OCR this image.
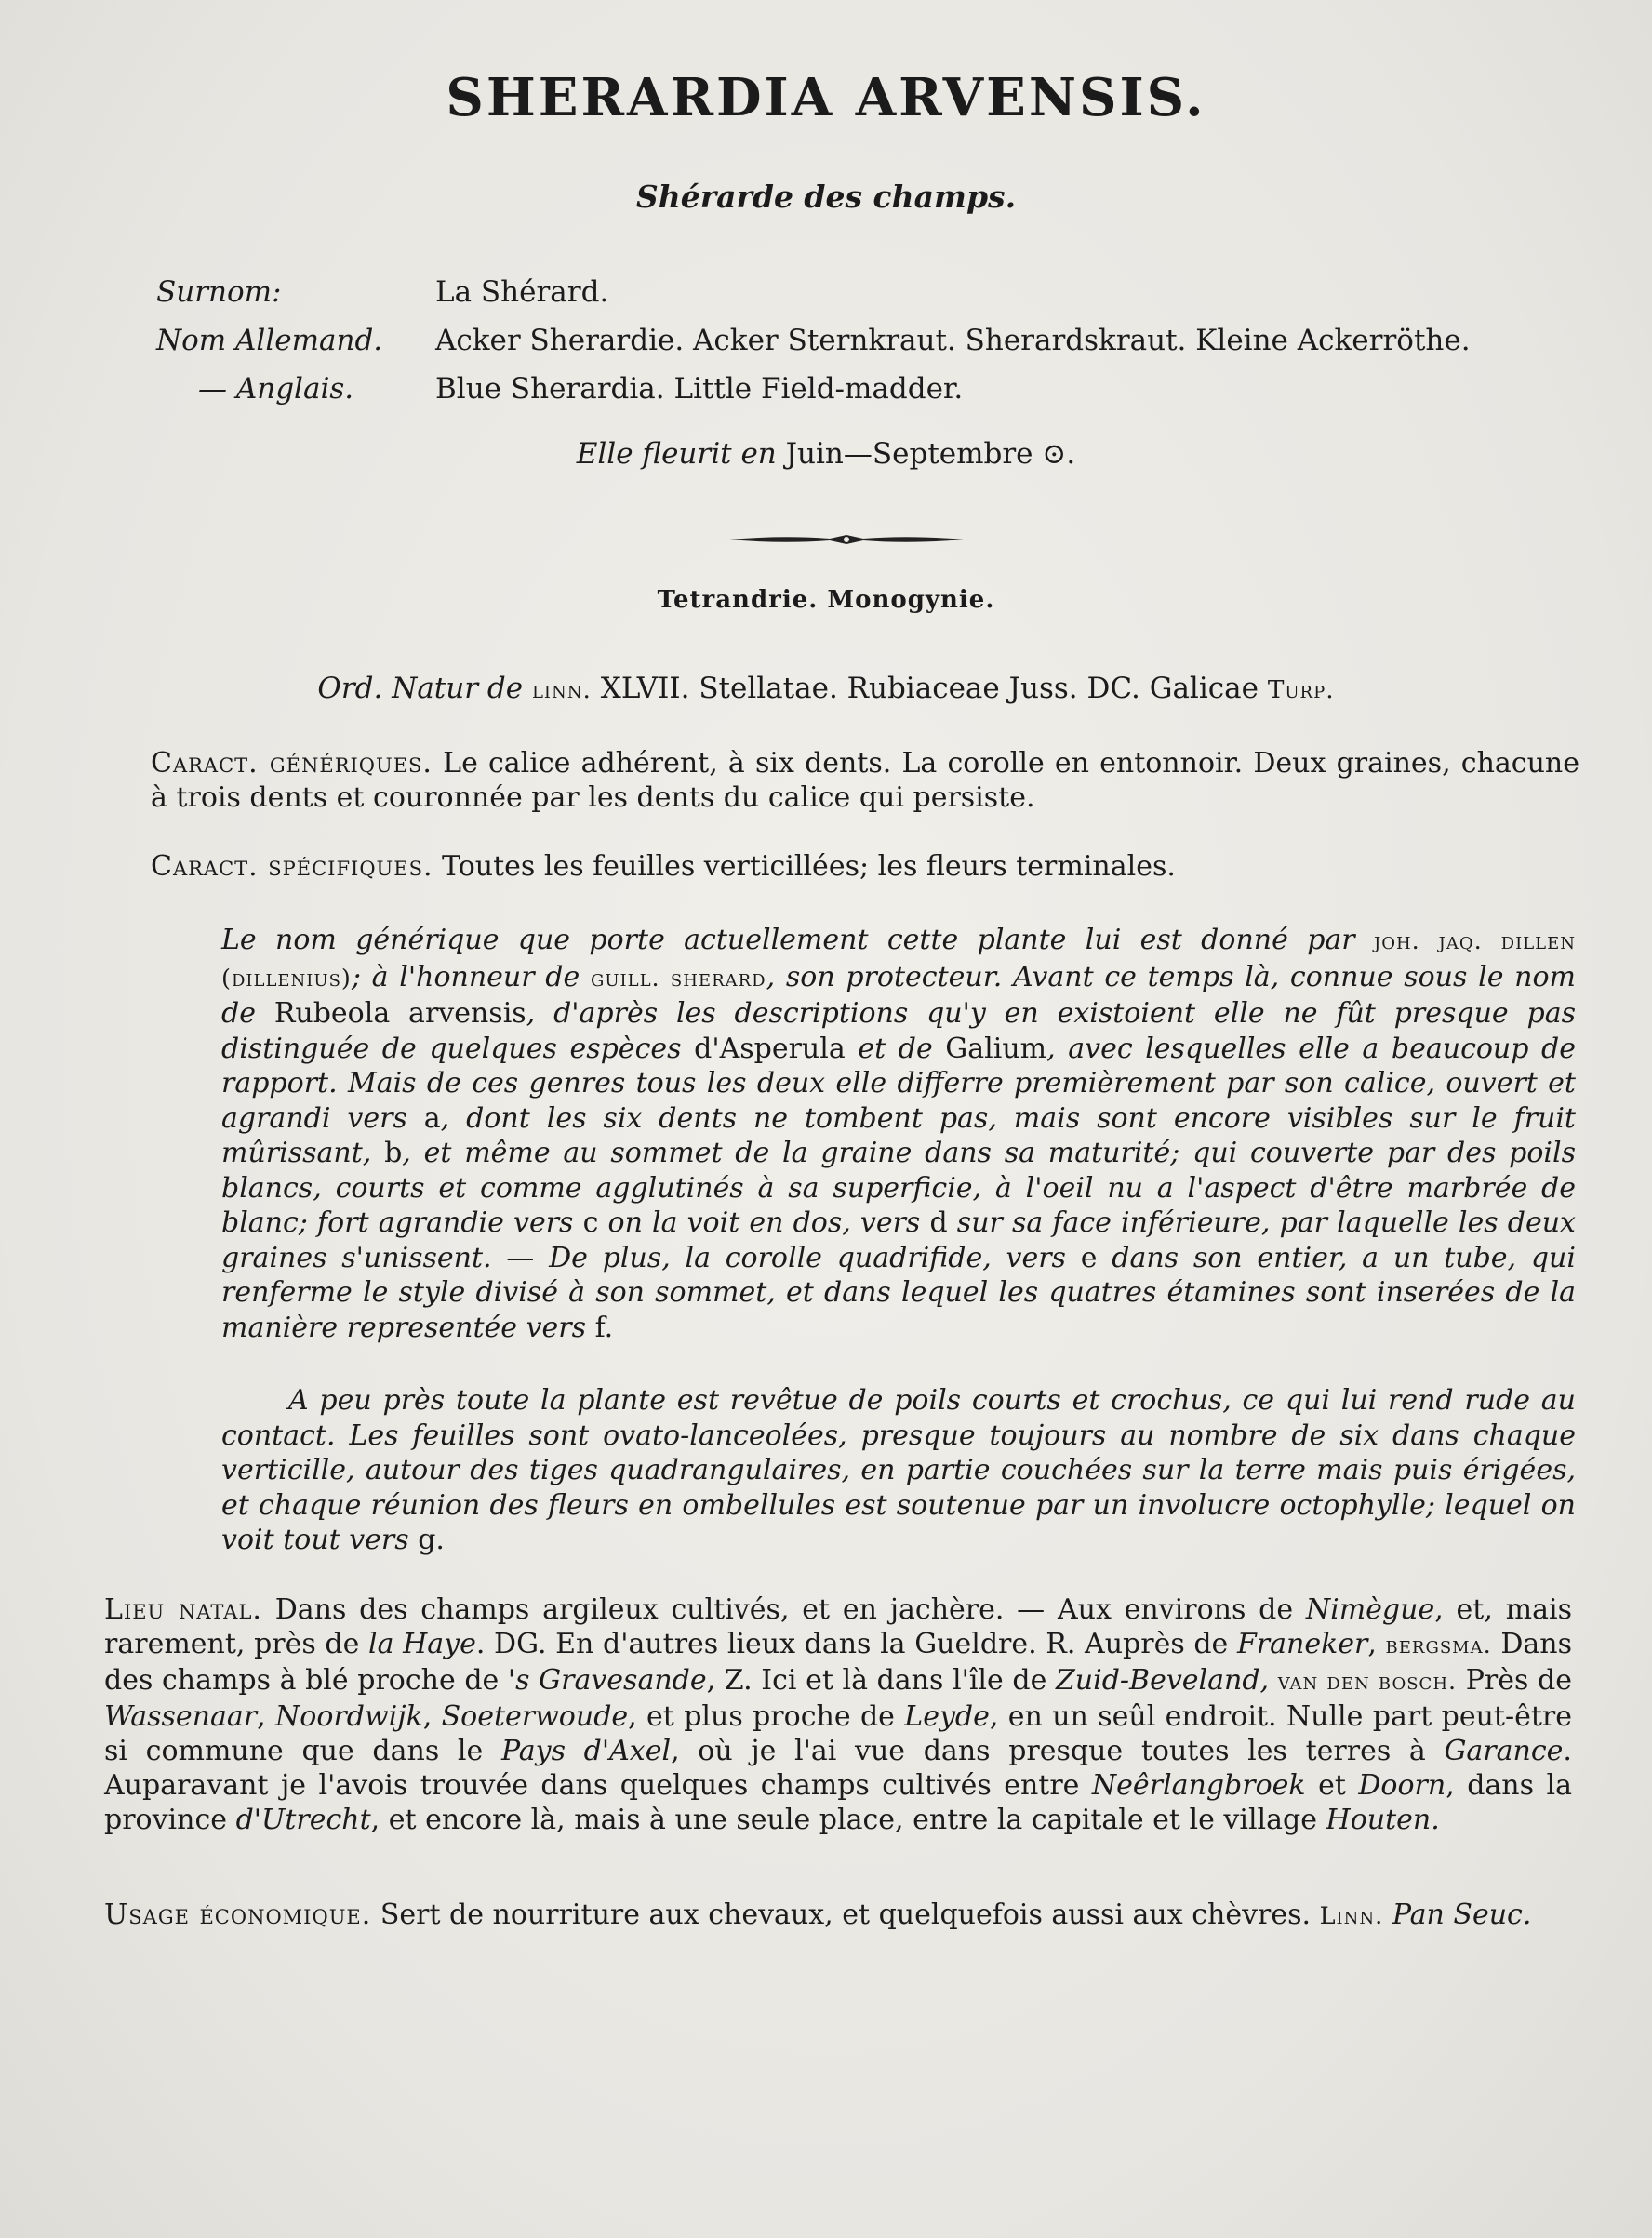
SHERARDIA ARVENSIS.
Shérarde des champs.
Surnom:	La Shérard.
Nom Allemand. Acker Sherardie. Acker Sternkraut. Sherardskraut. Kleine Ackerröthe.
— Anglais.	Blue Sherardia. Little Field-madder.
Elle fleurit en Juin—Septembre ⊙.
Tetrandrie. Monogynie.
Ord. Natur de linn. XLVII. Stellatae. Rubiaceae Juss. DC. Galicae Turp.
Caract. génériques. Le calice adhérent, à six dents. La corolle en entonnoir. Deux graines, chacune à trois dents et couronnée par les dents du calice qui persiste.
Caract. spécifiques. Toutes les feuilles verticillées; les fleurs terminales.
Le nom générique que porte actuellement cette plante lui est donné par joh. jaq. dillen (dillenius); à l'honneur de guill. sherard, son protecteur. Avant ce temps là, connue sous le nom de Rubeola arvensis, d'après les descriptions qu'y en existoient elle ne fût presque pas distinguée de quelques espèces d'Asperula et de Galium, avec lesquelles elle a beaucoup de rapport. Mais de ces genres tous les deux elle differre premièrement par son calice, ouvert et agrandi vers a, dont les six dents ne tombent pas, mais sont encore visibles sur le fruit mûrissant, b, et même au sommet de la graine dans sa maturité; qui couverte par des poils blancs, courts et comme agglutinés à sa superficie, à l'oeil nu a l'aspect d'être marbrée de blanc; fort agrandie vers c on la voit en dos, vers d sur sa face inférieure, par laquelle les deux graines s'unissent. — De plus, la corolle quadrifide, vers e dans son entier, a un tube, qui renferme le style divisé à son sommet, et dans lequel les quatres étamines sont inserées de la manière representée vers f.
A peu près toute la plante est revêtue de poils courts et crochus, ce qui lui rend rude au contact. Les feuilles sont ovato-lanceolées, presque toujours au nombre de six dans chaque verticille, autour des tiges quadrangulaires, en partie couchées sur la terre mais puis érigées, et chaque réunion des fleurs en ombellules est soutenue par un involucre octophylle; lequel on voit tout vers g.
Lieu natal. Dans des champs argileux cultivés, et en jachère. — Aux environs de Nimègue, et, mais rarement, près de la Haye. DG. En d'autres lieux dans la Gueldre. R. Auprès de Franeker, bergsma. Dans des champs à blé proche de 's Gravesande, Z. Ici et là dans l'île de Zuid-Beveland, van den bosch. Près de Wassenaar, Noordwijk, Soeterwoude, et plus proche de Leyde, en un seûl endroit. Nulle part peut-être si commune que dans le Pays d'Axel, où je l'ai vue dans presque toutes les terres à Garance. Auparavant je l'avois trouvée dans quelques champs cultivés entre Neêrlangbroek et Doorn, dans la province d'Utrecht, et encore là, mais à une seule place, entre la capitale et le village Houten.
Usage économique. Sert de nourriture aux chevaux, et quelquefois aussi aux chèvres. Linn. Pan Seuc.
